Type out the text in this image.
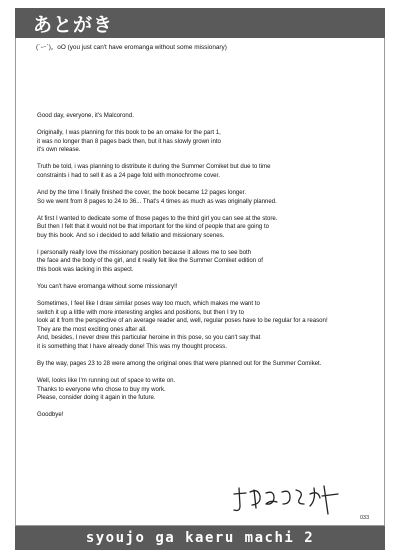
あとがき
(´ー`)。oO (you just can't have eromanga without some missionary)

Good day, everyone, it's Malcorond.

Originally, I was planning for this book to be an omake for the part 1,
it was no longer than 8 pages back then, but it has slowly grown into
it's own release.

Truth be told, i was planning to distribute it during the Summer Comiket but due to time
constraints i had to sell it as a 24 page fold with monochrome cover.

And by the time I finally finished the cover, the book became 12 pages longer.
So we went from 8 pages to 24 to 36... That's 4 times as much as was originally planned.

At first I wanted to dedicate some of those pages to the third girl you can see at the store.
But then I felt that it would not be that important for the kind of people that are going to
buy this book. And so i decided to add fellatio and missionary scenes.

I personally really love the missionary position because it allows me to see both
the face and the body of the girl, and it really felt like the Summer Comiket edition of
this book was lacking in this aspect.

You can't have eromanga without some missionary!!

Sometimes, I feel like I draw similar poses way too much, which makes me want to
switch it up a little with more interesting angles and positions, but then I try to
look at it from the perspective of an average reader and, well, regular poses have to be regular for a reason!
They are the most exciting ones after all.
And, besides, I never drew this particular heroine in this pose, so you can't say that
it is something that I have already done! This was my thought process.

By the way, pages 23 to 28 were among the original ones that were planned out for the Summer Comiket.

Well, looks like I'm running out of space to write on.
Thanks to everyone who chose to buy my work.
Please, consider doing it again in the future.

Goodbye!

033
syoujo ga kaeru machi 2
